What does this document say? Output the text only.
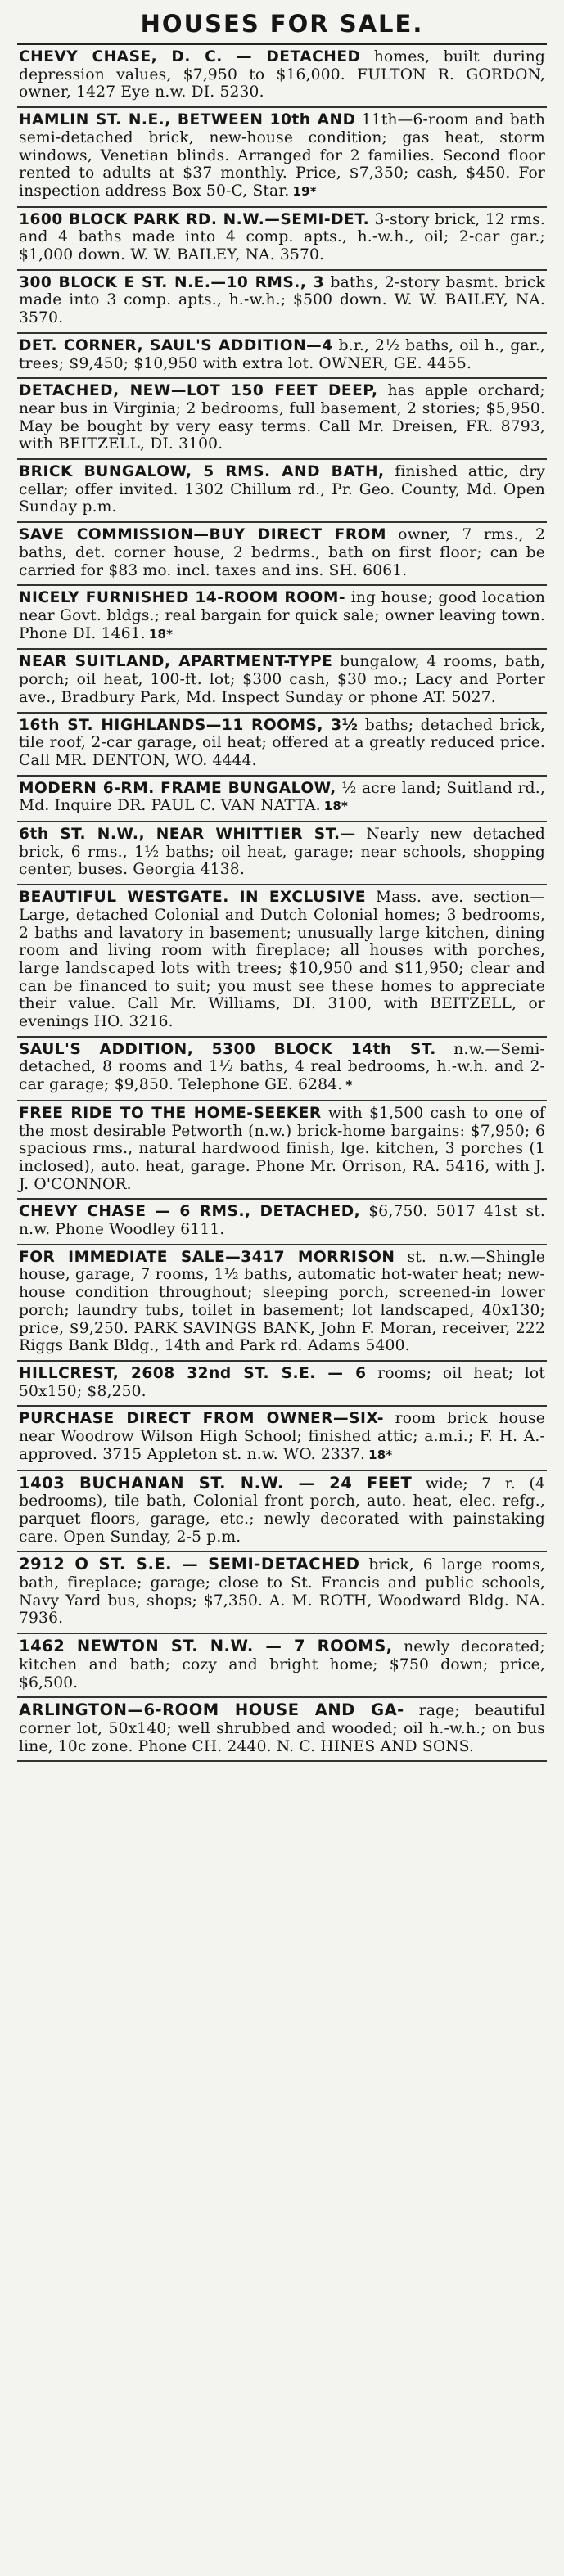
HOUSES FOR SALE.

CHEVY CHASE, D. C. — DETACHED homes, built during depression values, $7,950 to $16,000. FULTON R. GORDON, owner, 1427 Eye n.w. DI. 5230.

HAMLIN ST. N.E., BETWEEN 10th AND 11th—6-room and bath semi-detached brick, new-house condition; gas heat, storm windows, Venetian blinds. Arranged for 2 families. Second floor rented to adults at $37 monthly. Price, $7,350; cash, $450. For inspection address Box 50-C, Star. 19*

1600 BLOCK PARK RD. N.W.—SEMI-DET. 3-story brick, 12 rms. and 4 baths made into 4 comp. apts., h.-w.h., oil; 2-car gar.; $1,000 down. W. W. BAILEY, NA. 3570.

300 BLOCK E ST. N.E.—10 RMS., 3 baths, 2-story basmt. brick made into 3 comp. apts., h.-w.h.; $500 down. W. W. BAILEY, NA. 3570.

DET. CORNER, SAUL'S ADDITION—4 b.r., 2½ baths, oil h., gar., trees; $9,450; $10,950 with extra lot. OWNER, GE. 4455.

DETACHED, NEW—LOT 150 FEET DEEP, has apple orchard; near bus in Virginia; 2 bedrooms, full basement, 2 stories; $5,950. May be bought by very easy terms. Call Mr. Dreisen, FR. 8793, with BEITZELL, DI. 3100.

BRICK BUNGALOW, 5 RMS. AND BATH, finished attic, dry cellar; offer invited. 1302 Chillum rd., Pr. Geo. County, Md. Open Sunday p.m.

SAVE COMMISSION—BUY DIRECT FROM owner, 7 rms., 2 baths, det. corner house, 2 bedrms., bath on first floor; can be carried for $83 mo. incl. taxes and ins. SH. 6061.

NICELY FURNISHED 14-ROOM ROOM- ing house; good location near Govt. bldgs.; real bargain for quick sale; owner leaving town. Phone DI. 1461. 18*

NEAR SUITLAND, APARTMENT-TYPE bungalow, 4 rooms, bath, porch; oil heat, 100-ft. lot; $300 cash, $30 mo.; Lacy and Porter ave., Bradbury Park, Md. Inspect Sunday or phone AT. 5027.

16th ST. HIGHLANDS—11 ROOMS, 3½ baths; detached brick, tile roof, 2-car garage, oil heat; offered at a greatly reduced price. Call MR. DENTON, WO. 4444.

MODERN 6-RM. FRAME BUNGALOW, ½ acre land; Suitland rd., Md. Inquire DR. PAUL C. VAN NATTA. 18*

6th ST. N.W., NEAR WHITTIER ST.— Nearly new detached brick, 6 rms., 1½ baths; oil heat, garage; near schools, shopping center, buses. Georgia 4138.

BEAUTIFUL WESTGATE. IN EXCLUSIVE Mass. ave. section—Large, detached Colonial and Dutch Colonial homes; 3 bedrooms, 2 baths and lavatory in basement; unusually large kitchen, dining room and living room with fireplace; all houses with porches, large landscaped lots with trees; $10,950 and $11,950; clear and can be financed to suit; you must see these homes to appreciate their value. Call Mr. Williams, DI. 3100, with BEITZELL, or evenings HO. 3216.

SAUL'S ADDITION, 5300 BLOCK 14th ST. n.w.—Semi-detached, 8 rooms and 1½ baths, 4 real bedrooms, h.-w.h. and 2-car garage; $9,850. Telephone GE. 6284. *

FREE RIDE TO THE HOME-SEEKER with $1,500 cash to one of the most desirable Petworth (n.w.) brick-home bargains: $7,950; 6 spacious rms., natural hardwood finish, lge. kitchen, 3 porches (1 inclosed), auto. heat, garage. Phone Mr. Orrison, RA. 5416, with J. J. O'CONNOR.

CHEVY CHASE — 6 RMS., DETACHED, $6,750. 5017 41st st. n.w. Phone Woodley 6111.

FOR IMMEDIATE SALE—3417 MORRISON st. n.w.—Shingle house, garage, 7 rooms, 1½ baths, automatic hot-water heat; new-house condition throughout; sleeping porch, screened-in lower porch; laundry tubs, toilet in basement; lot landscaped, 40x130; price, $9,250. PARK SAVINGS BANK, John F. Moran, receiver, 222 Riggs Bank Bldg., 14th and Park rd. Adams 5400.

HILLCREST, 2608 32nd ST. S.E. — 6 rooms; oil heat; lot 50x150; $8,250.

PURCHASE DIRECT FROM OWNER—SIX- room brick house near Woodrow Wilson High School; finished attic; a.m.i.; F. H. A.-approved. 3715 Appleton st. n.w. WO. 2337. 18*

1403 BUCHANAN ST. N.W. — 24 FEET wide; 7 r. (4 bedrooms), tile bath, Colonial front porch, auto. heat, elec. refg., parquet floors, garage, etc.; newly decorated with painstaking care. Open Sunday, 2-5 p.m.

2912 O ST. S.E. — SEMI-DETACHED brick, 6 large rooms, bath, fireplace; garage; close to St. Francis and public schools, Navy Yard bus, shops; $7,350. A. M. ROTH, Woodward Bldg. NA. 7936.

1462 NEWTON ST. N.W. — 7 ROOMS, newly decorated; kitchen and bath; cozy and bright home; $750 down; price, $6,500.

ARLINGTON—6-ROOM HOUSE AND GA- rage; beautiful corner lot, 50x140; well shrubbed and wooded; oil h.-w.h.; on bus line, 10c zone. Phone CH. 2440. N. C. HINES AND SONS.
